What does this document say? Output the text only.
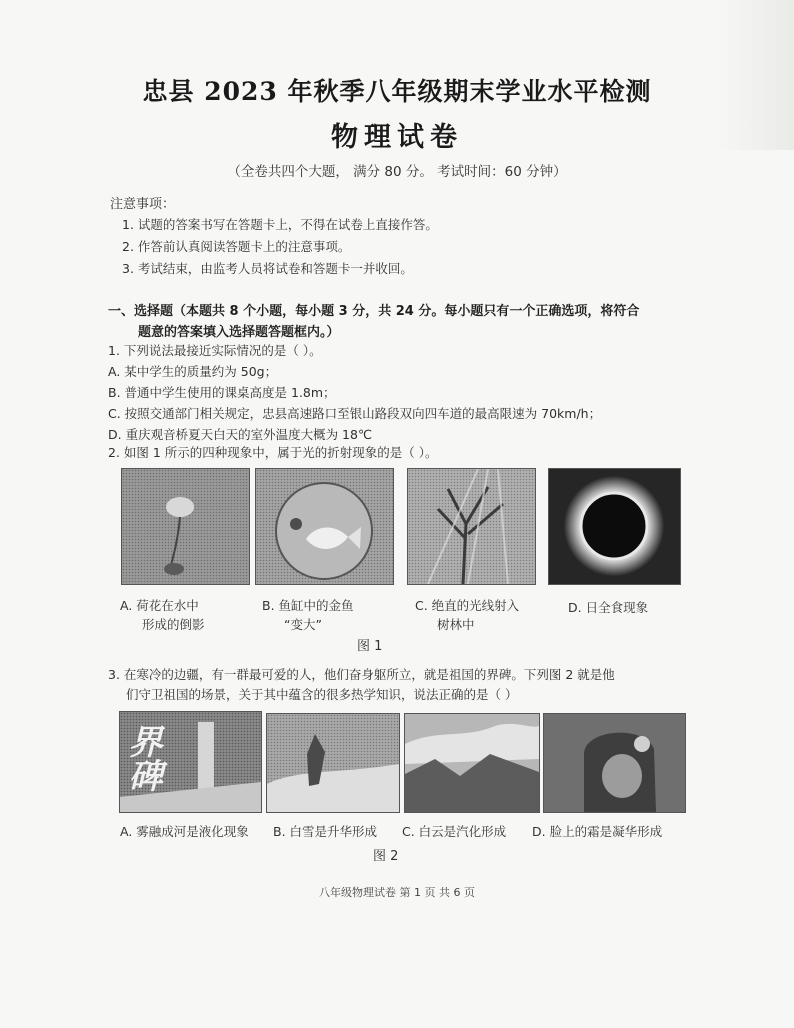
忠县 2023 年秋季八年级期末学业水平检测
物理试卷
（全卷共四个大题， 满分 80 分。 考试时间：60 分钟）
注意事项：
1. 试题的答案书写在答题卡上，不得在试卷上直接作答。
2. 作答前认真阅读答题卡上的注意事项。
3. 考试结束，由监考人员将试卷和答题卡一并收回。
一、选择题（本题共 8 个小题，每小题 3 分，共 24 分。每小题只有一个正确选项，将符合
题意的答案填入选择题答题框内。）
1. 下列说法最接近实际情况的是（ ）。
A. 某中学生的质量约为 50g；
B. 普通中学生使用的课桌高度是 1.8m；
C. 按照交通部门相关规定，忠县高速路口至银山路段双向四车道的最高限速为 70km/h；
D. 重庆观音桥夏天白天的室外温度大概为 18℃
2. 如图 1 所示的四种现象中，属于光的折射现象的是（ ）。
A. 荷花在水中
形成的倒影
B. 鱼缸中的金鱼
“变大”
C. 绝直的光线射入
树林中
D. 日全食现象
图 1
3. 在寒冷的边疆，有一群最可爱的人，他们奋身躯所立，就是祖国的界碑。下列图 2 就是他
们守卫祖国的场景，关于其中蕴含的很多热学知识，说法正确的是（ ）
界碑
A. 雾融成河是液化现象 B. 白雪是升华形成 C. 白云是汽化形成 D. 脸上的霜是凝华形成
图 2
八年级物理试卷 第 1 页 共 6 页
